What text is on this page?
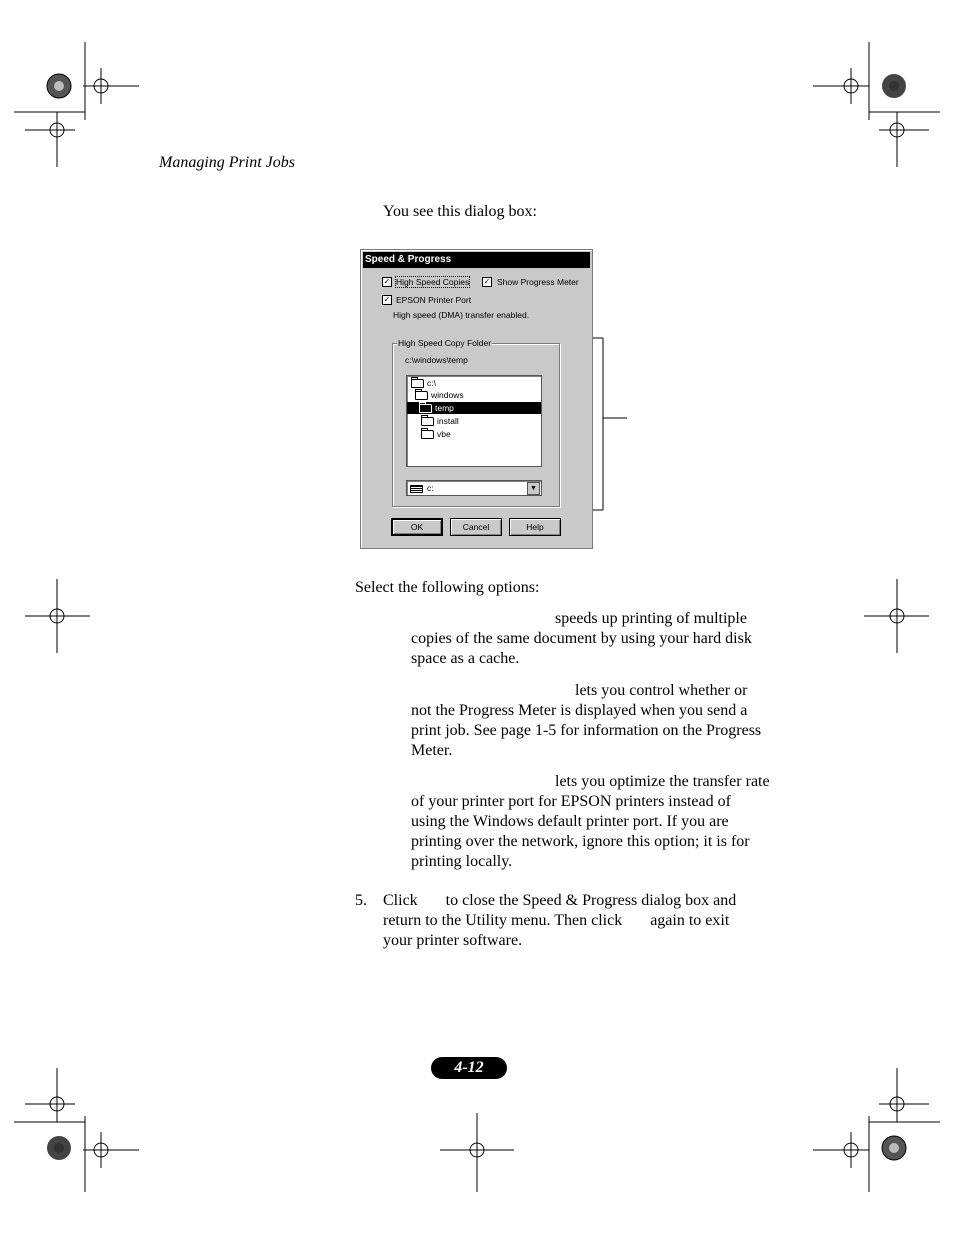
Managing Print Jobs
You see this dialog box:
Speed & Progress
✓ High Speed Copies ✓ Show Progress Meter
✓ EPSON Printer Port
High speed (DMA) transfer enabled.
High Speed Copy Folder
c:\windows\temp
c:\
windows
temp
install
vbe
c:	▼
OK	Cancel	Help
Select the following options:
speeds up printing of multiple
copies of the same document by using your hard disk
space as a cache.
lets you control whether or
not the Progress Meter is displayed when you send a
print job. See page 1-5 for information on the Progress
Meter.
lets you optimize the transfer rate
of your printer port for EPSON printers instead of
using the Windows default printer port. If you are
printing over the network, ignore this option; it is for
printing locally.
5. Click       to close the Speed & Progress dialog box and
return to the Utility menu. Then click       again to exit
your printer software.
4-12
